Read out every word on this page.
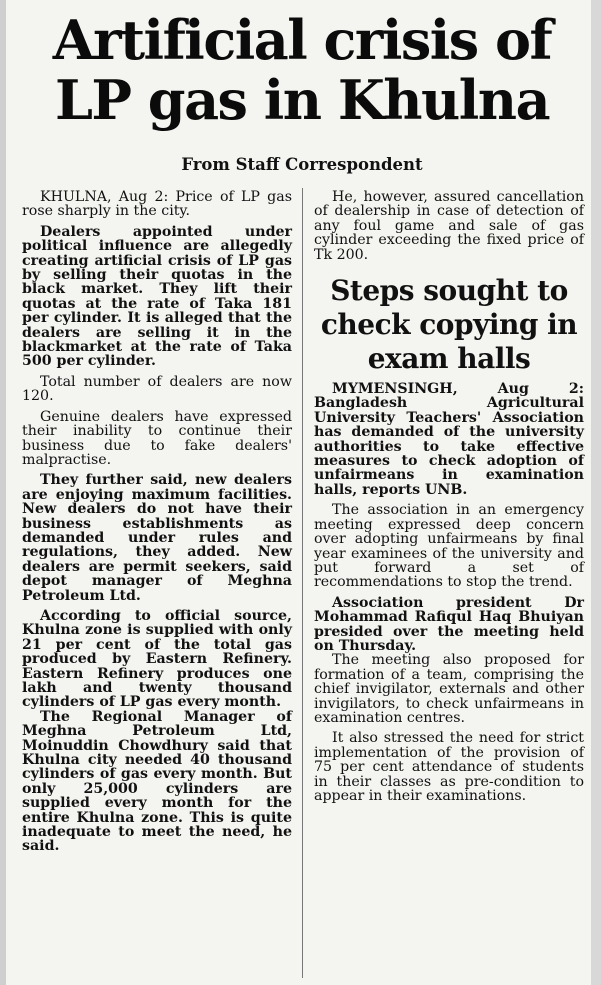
Artificial crisis of LP gas in Khulna
From Staff Correspondent

KHULNA, Aug 2: Price of LP gas rose sharply in the city.

Dealers appointed under political influence are allegedly creating artificial crisis of LP gas by selling their quotas in the black market. They lift their quotas at the rate of Taka 181 per cylinder. It is alleged that the dealers are selling it in the blackmarket at the rate of Taka 500 per cylinder.

Total number of dealers are now 120.

Genuine dealers have expressed their inability to continue their business due to fake dealers' malpractise.

They further said, new dealers are enjoying maximum facilities. New dealers do not have their business establishments as demanded under rules and regulations, they added. New dealers are permit seekers, said depot manager of Meghna Petroleum Ltd.

According to official source, Khulna zone is supplied with only 21 per cent of the total gas produced by Eastern Refinery. Eastern Refinery produces one lakh and twenty thousand cylinders of LP gas every month.

The Regional Manager of Meghna Petroleum Ltd, Moinuddin Chowdhury said that Khulna city needed 40 thousand cylinders of gas every month. But only 25,000 cylinders are supplied every month for the entire Khulna zone. This is quite inadequate to meet the need, he said.

He, however, assured cancellation of dealership in case of detection of any foul game and sale of gas cylinder exceeding the fixed price of Tk 200.

Steps sought to check copying in exam halls

MYMENSINGH, Aug 2: Bangladesh Agricultural University Teachers' Association has demanded of the university authorities to take effective measures to check adoption of unfairmeans in examination halls, reports UNB.

The association in an emergency meeting expressed deep concern over adopting unfairmeans by final year examinees of the university and put forward a set of recommendations to stop the trend.

Association president Dr Mohammad Rafiqul Haq Bhuiyan presided over the meeting held on Thursday.

The meeting also proposed for formation of a team, comprising the chief invigilator, externals and other invigilators, to check unfairmeans in examination centres.

It also stressed the need for strict implementation of the provision of 75 per cent attendance of students in their classes as pre-condition to appear in their examinations.
